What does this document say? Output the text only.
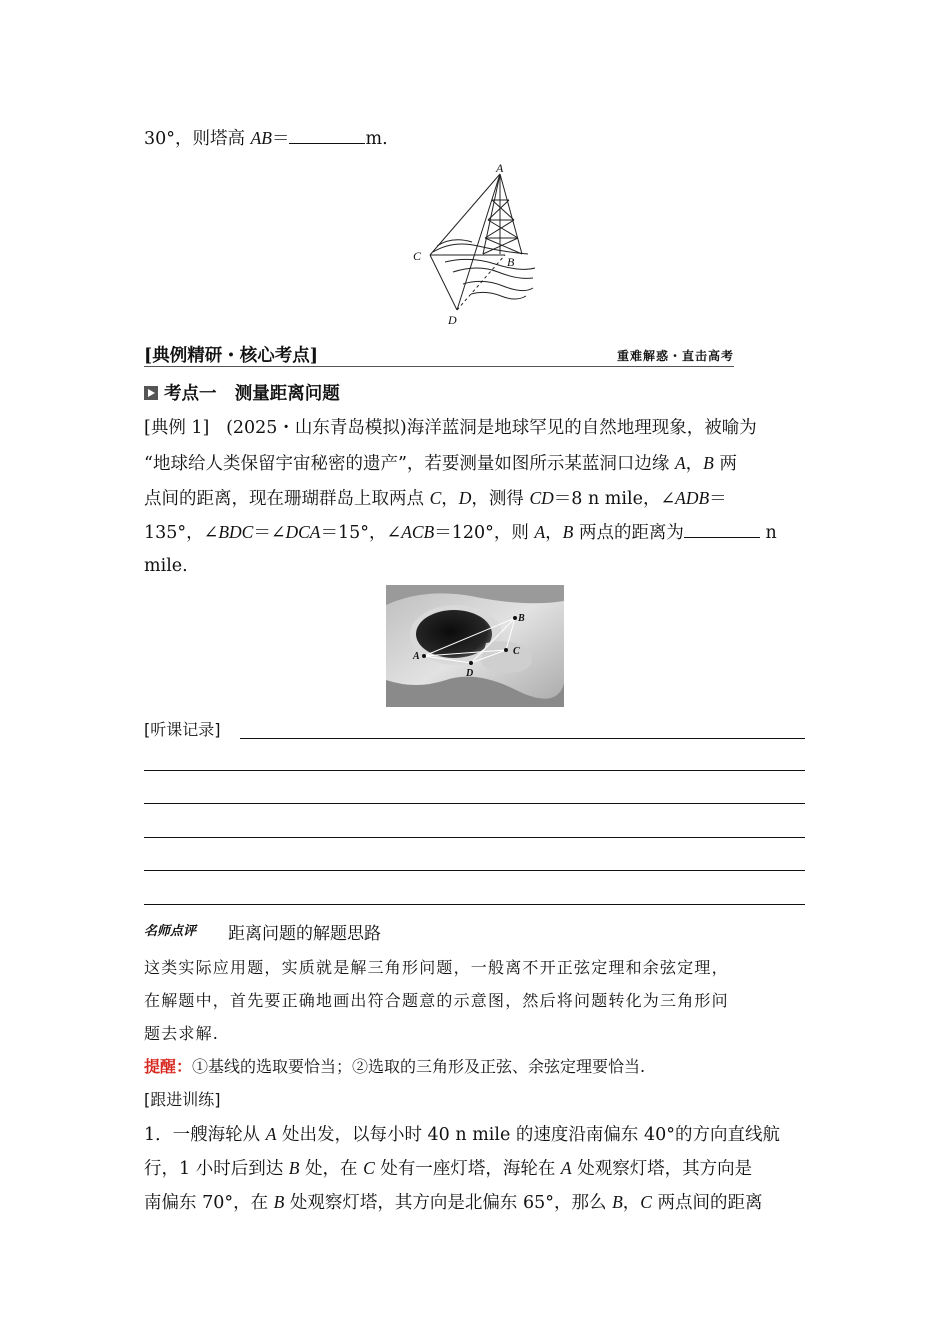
30°，则塔高 AB＝	m.
A
B
C
D
[典例精研・核心考点]	重难解惑・直击高考
考点一 测量距离问题
[典例 1] (2025・山东青岛模拟)海洋蓝洞是地球罕见的自然地理现象，被喻为
“地球给人类保留宇宙秘密的遗产”，若要测量如图所示某蓝洞口边缘 A，B 两
点间的距离，现在珊瑚群岛上取两点 C，D，测得 CD＝8 n mile，∠ADB＝
135°，∠BDC＝∠DCA＝15°，∠ACB＝120°，则 A，B 两点的距离为	n
mile.
A
B
C
D
[听课记录]
名师点评 距离问题的解题思路
这类实际应用题，实质就是解三角形问题，一般离不开正弦定理和余弦定理，
在解题中，首先要正确地画出符合题意的示意图，然后将问题转化为三角形问
题去求解.
提醒：①基线的选取要恰当；②选取的三角形及正弦、余弦定理要恰当.
[跟进训练]
1．一艘海轮从 A 处出发，以每小时 40 n mile 的速度沿南偏东 40°的方向直线航
行，1 小时后到达 B 处，在 C 处有一座灯塔，海轮在 A 处观察灯塔，其方向是
南偏东 70°，在 B 处观察灯塔，其方向是北偏东 65°，那么 B，C 两点间的距离
